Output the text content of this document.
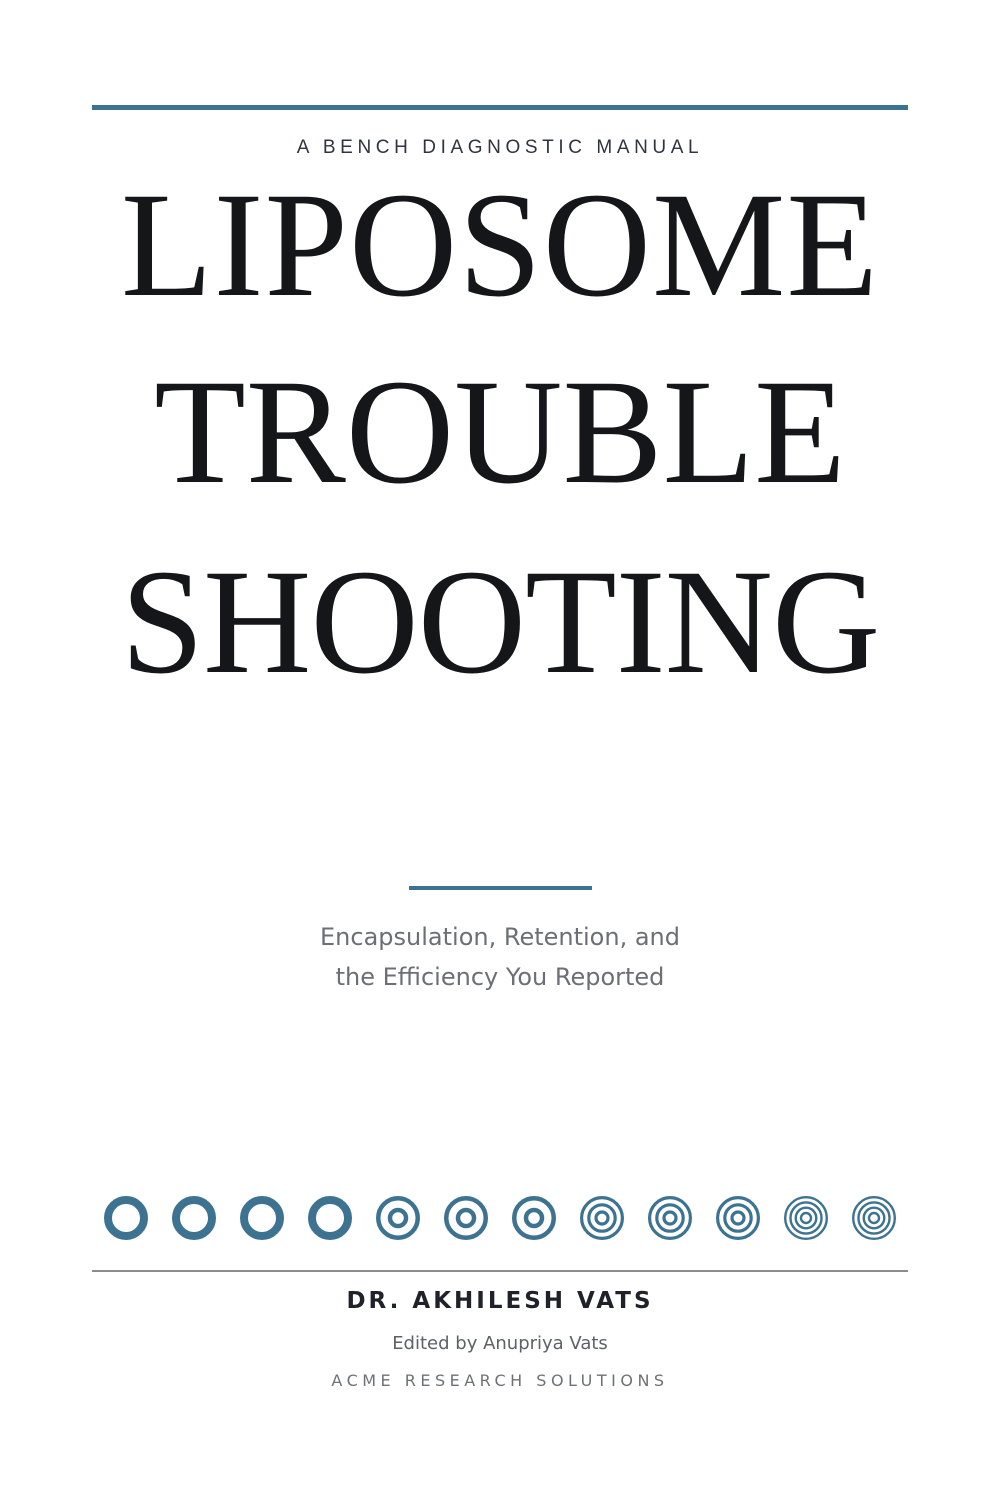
A BENCH DIAGNOSTIC MANUAL
LIPOSOME
TROUBLE
SHOOTING
Encapsulation, Retention, and
the Efficiency You Reported
DR. AKHILESH VATS
Edited by Anupriya Vats
ACME RESEARCH SOLUTIONS
